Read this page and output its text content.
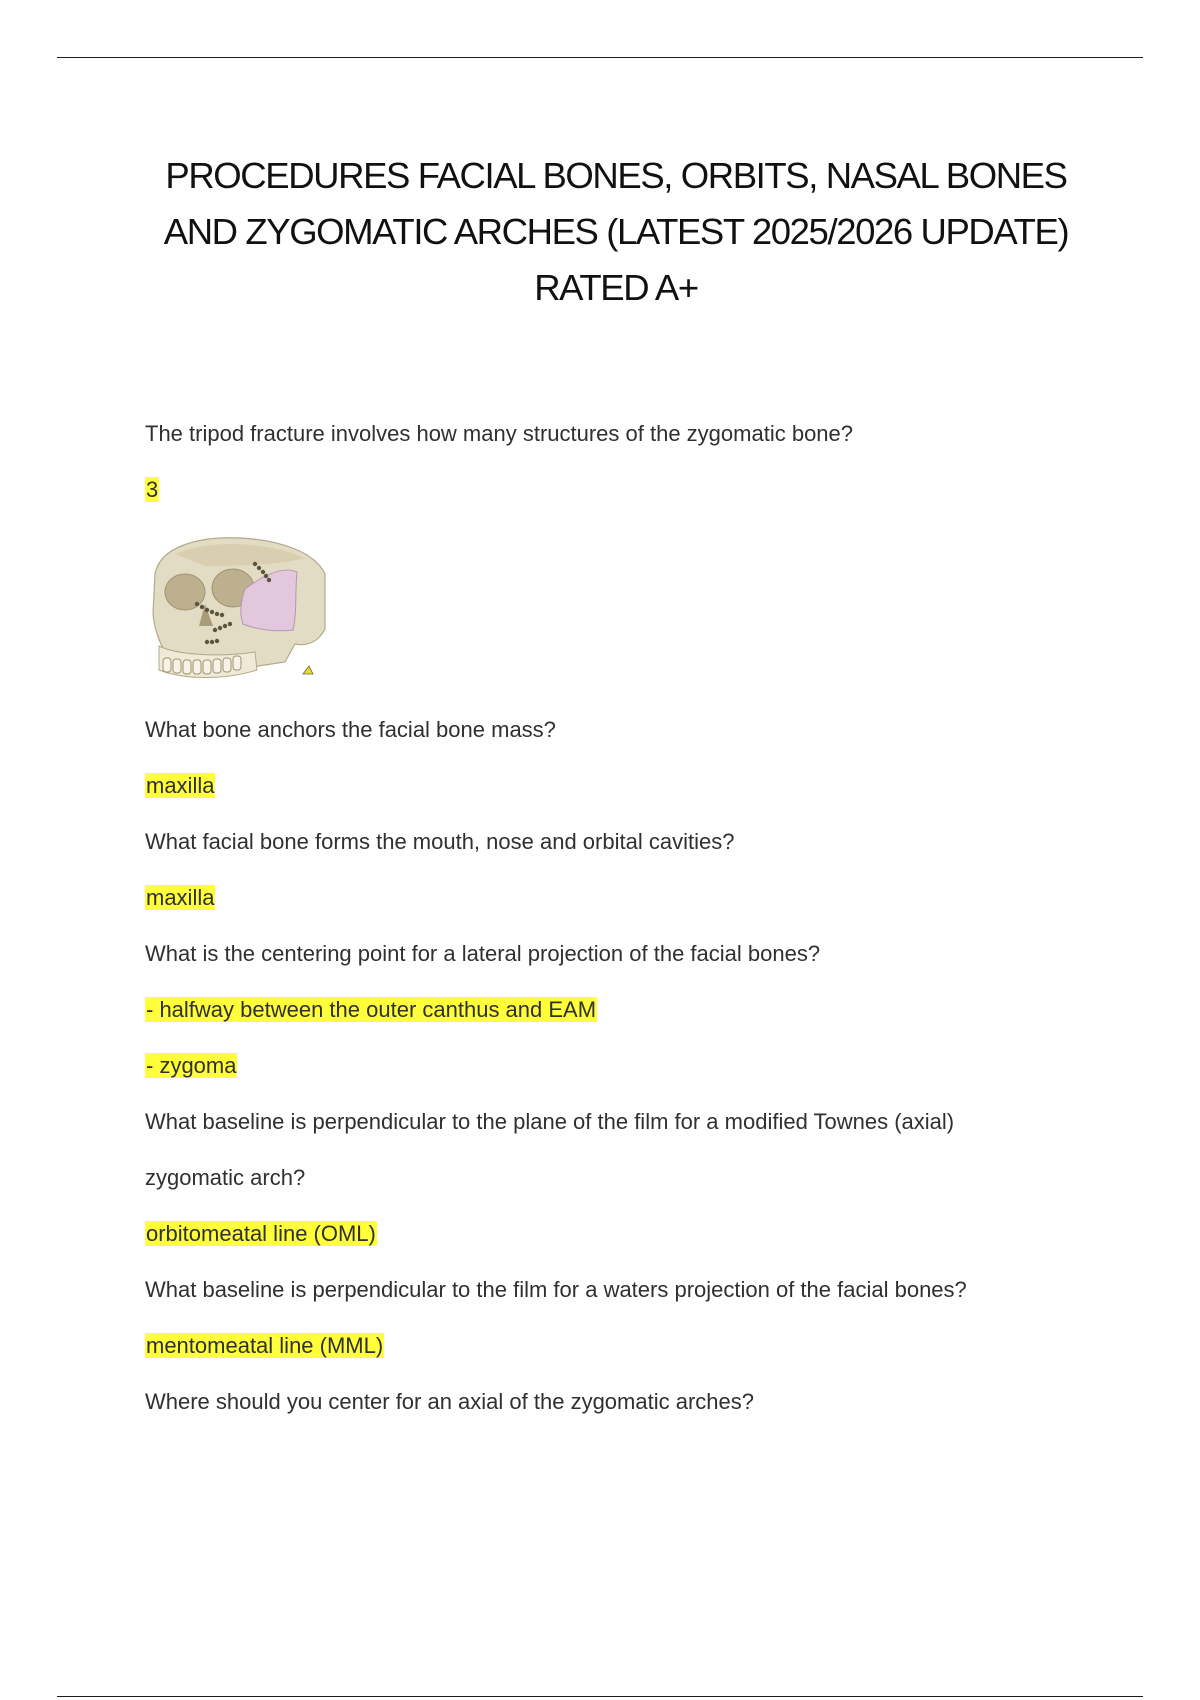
PROCEDURES FACIAL BONES, ORBITS, NASAL BONES
AND ZYGOMATIC ARCHES (LATEST 2025/2026 UPDATE)
RATED A+
The tripod fracture involves how many structures of the zygomatic bone?
3
What bone anchors the facial bone mass?
maxilla
What facial bone forms the mouth, nose and orbital cavities?
maxilla
What is the centering point for a lateral projection of the facial bones?
- halfway between the outer canthus and EAM
- zygoma
What baseline is perpendicular to the plane of the film for a modified Townes (axial)
zygomatic arch?
orbitomeatal line (OML)
What baseline is perpendicular to the film for a waters projection of the facial bones?
mentomeatal line (MML)
Where should you center for an axial of the zygomatic arches?
